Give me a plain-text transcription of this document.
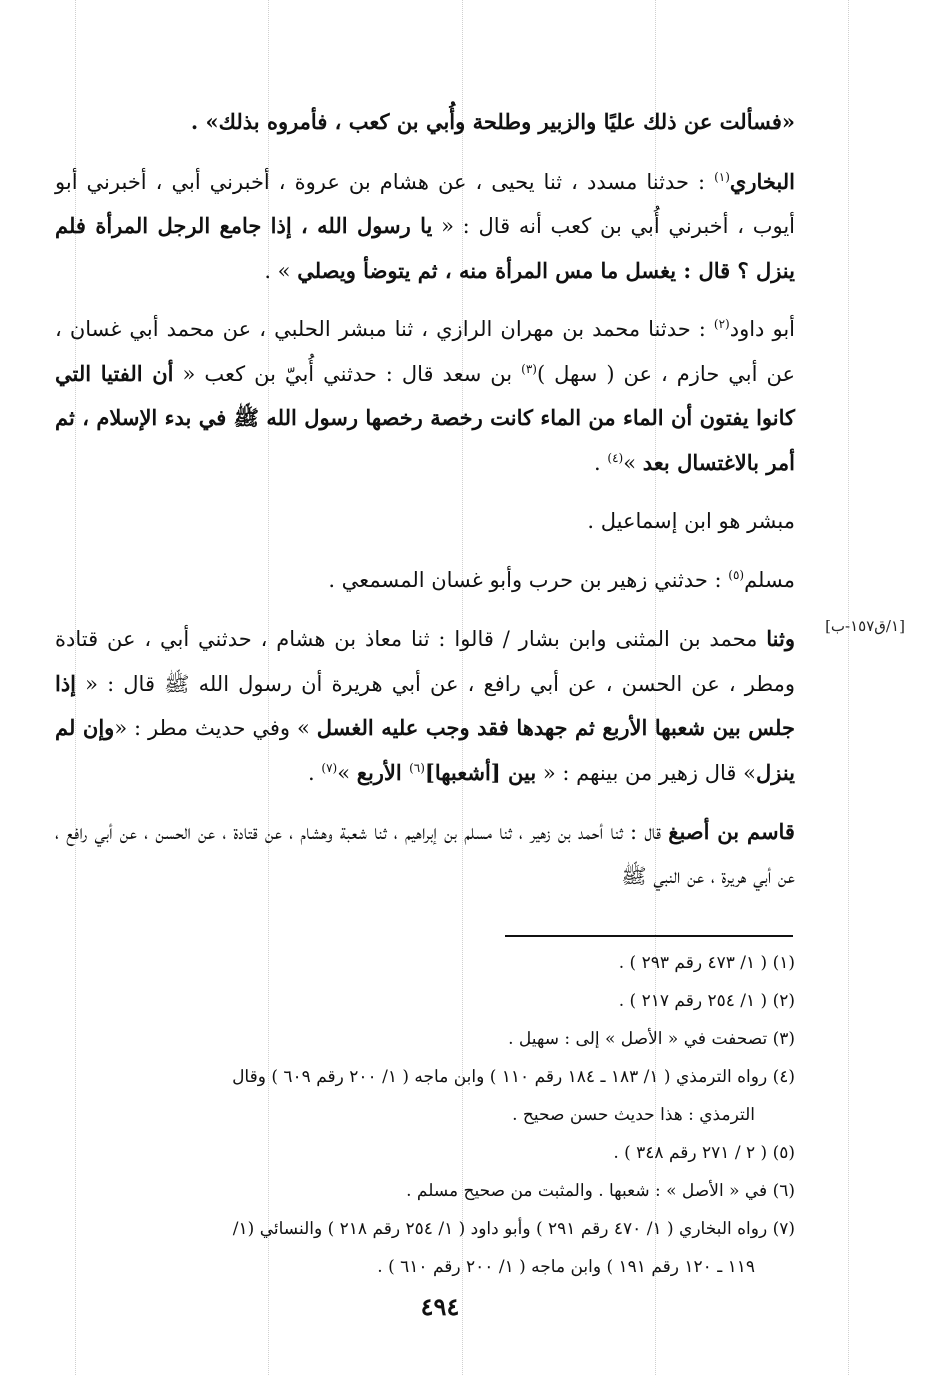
«فسألت عن ذلك عليًا والزبير وطلحة وأُبي بن كعب ، فأمروه بذلك» .

البخاري$^{(١)}$ : حدثنا مسدد ، ثنا يحيى ، عن هشام بن عروة ، أخبرني أبي ، أخبرني أبو أيوب ، أخبرني أُبي بن كعب أنه قال : « يا رسول الله ، إذا جامع الرجل المرأة فلم ينزل ؟ قال : يغسل ما مس المرأة منه ، ثم يتوضأ ويصلي » .

أبو داود$^{(٢)}$ : حدثنا محمد بن مهران الرازي ، ثنا مبشر الحلبي ، عن محمد أبي غسان ، عن أبي حازم ، عن ( سهل )$^{(٣)}$ بن سعد قال : حدثني أُبيّ بن كعب « أن الفتيا التي كانوا يفتون أن الماء من الماء كانت رخصة رخصها رسول الله ﷺ في بدء الإسلام ، ثم أمر بالاغتسال بعد »$^{(٤)}$ .

مبشر هو ابن إسماعيل .

مسلم$^{(٥)}$ : حدثني زهير بن حرب وأبو غسان المسمعي .

وثنا محمد بن المثنى وابن بشار / قالوا : ثنا معاذ بن هشام ، حدثني أبي ، عن قتادة ومطر ، عن الحسن ، عن أبي رافع ، عن أبي هريرة أن رسول الله ﷺ قال : « إذا جلس بين شعبها الأربع ثم جهدها فقد وجب عليه الغسل » وفي حديث مطر : «وإن لم ينزل» قال زهير من بينهم : « بين [أشعبها]$^{(٦)}$ الأربع »$^{(٧)}$ .

قاسم بن أصبغ قال : ثنا أحمد بن زهير ، ثنا مسلم بن إبراهيم ، ثنا شعبة وهشام ، عن قتادة ، عن الحسن ، عن أبي رافع ، عن أبي هريرة ، عن النبي ﷺ

[١/ق١٥٧-ب]

(١) ( ١/ ٤٧٣ رقم ٢٩٣ ) .

(٢) ( ١/ ٢٥٤ رقم ٢١٧ ) .

(٣) تصحفت في « الأصل » إلى : سهيل .

(٤) رواه الترمذي ( ١/ ١٨٣ ـ ١٨٤ رقم ١١٠ ) وابن ماجه ( ١/ ٢٠٠ رقم ٦٠٩ ) وقال

الترمذي : هذا حديث حسن صحيح .

(٥) ( ٢ / ٢٧١ رقم ٣٤٨ ) .

(٦) في « الأصل » : شعبها . والمثبت من صحيح مسلم .

(٧) رواه البخاري ( ١/ ٤٧٠ رقم ٢٩١ ) وأبو داود ( ١/ ٢٥٤ رقم ٢١٨ ) والنسائي (١/

١١٩ ـ ١٢٠ رقم ١٩١ ) وابن ماجه ( ١/ ٢٠٠ رقم ٦١٠ ) .

٤٩٤
